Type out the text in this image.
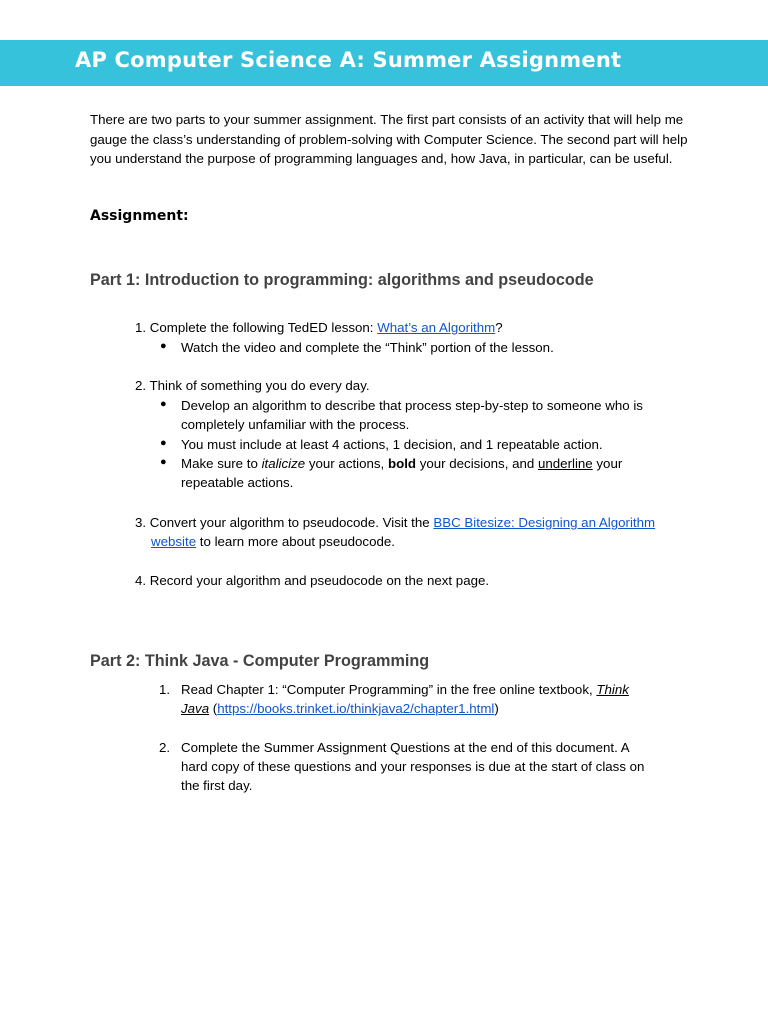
AP Computer Science A: Summer Assignment
There are two parts to your summer assignment. The first part consists of an activity that will help me gauge the class’s understanding of problem-solving with Computer Science. The second part will help you understand the purpose of programming languages and, how Java, in particular, can be useful.
Assignment:
Part 1: Introduction to programming: algorithms and pseudocode
1. Complete the following TedED lesson: What’s an Algorithm?
● Watch the video and complete the “Think” portion of the lesson.
2. Think of something you do every day.
● Develop an algorithm to describe that process step-by-step to someone who is
completely unfamiliar with the process.
● You must include at least 4 actions, 1 decision, and 1 repeatable action.
● Make sure to italicize your actions, bold your decisions, and underline your
repeatable actions.
3. Convert your algorithm to pseudocode. Visit the BBC Bitesize: Designing an Algorithm
website to learn more about pseudocode.
4. Record your algorithm and pseudocode on the next page.
Part 2: Think Java - Computer Programming
1. Read Chapter 1: “Computer Programming” in the free online textbook, Think
Java (https://books.trinket.io/thinkjava2/chapter1.html)
2. Complete the Summer Assignment Questions at the end of this document. A
hard copy of these questions and your responses is due at the start of class on
the first day.
